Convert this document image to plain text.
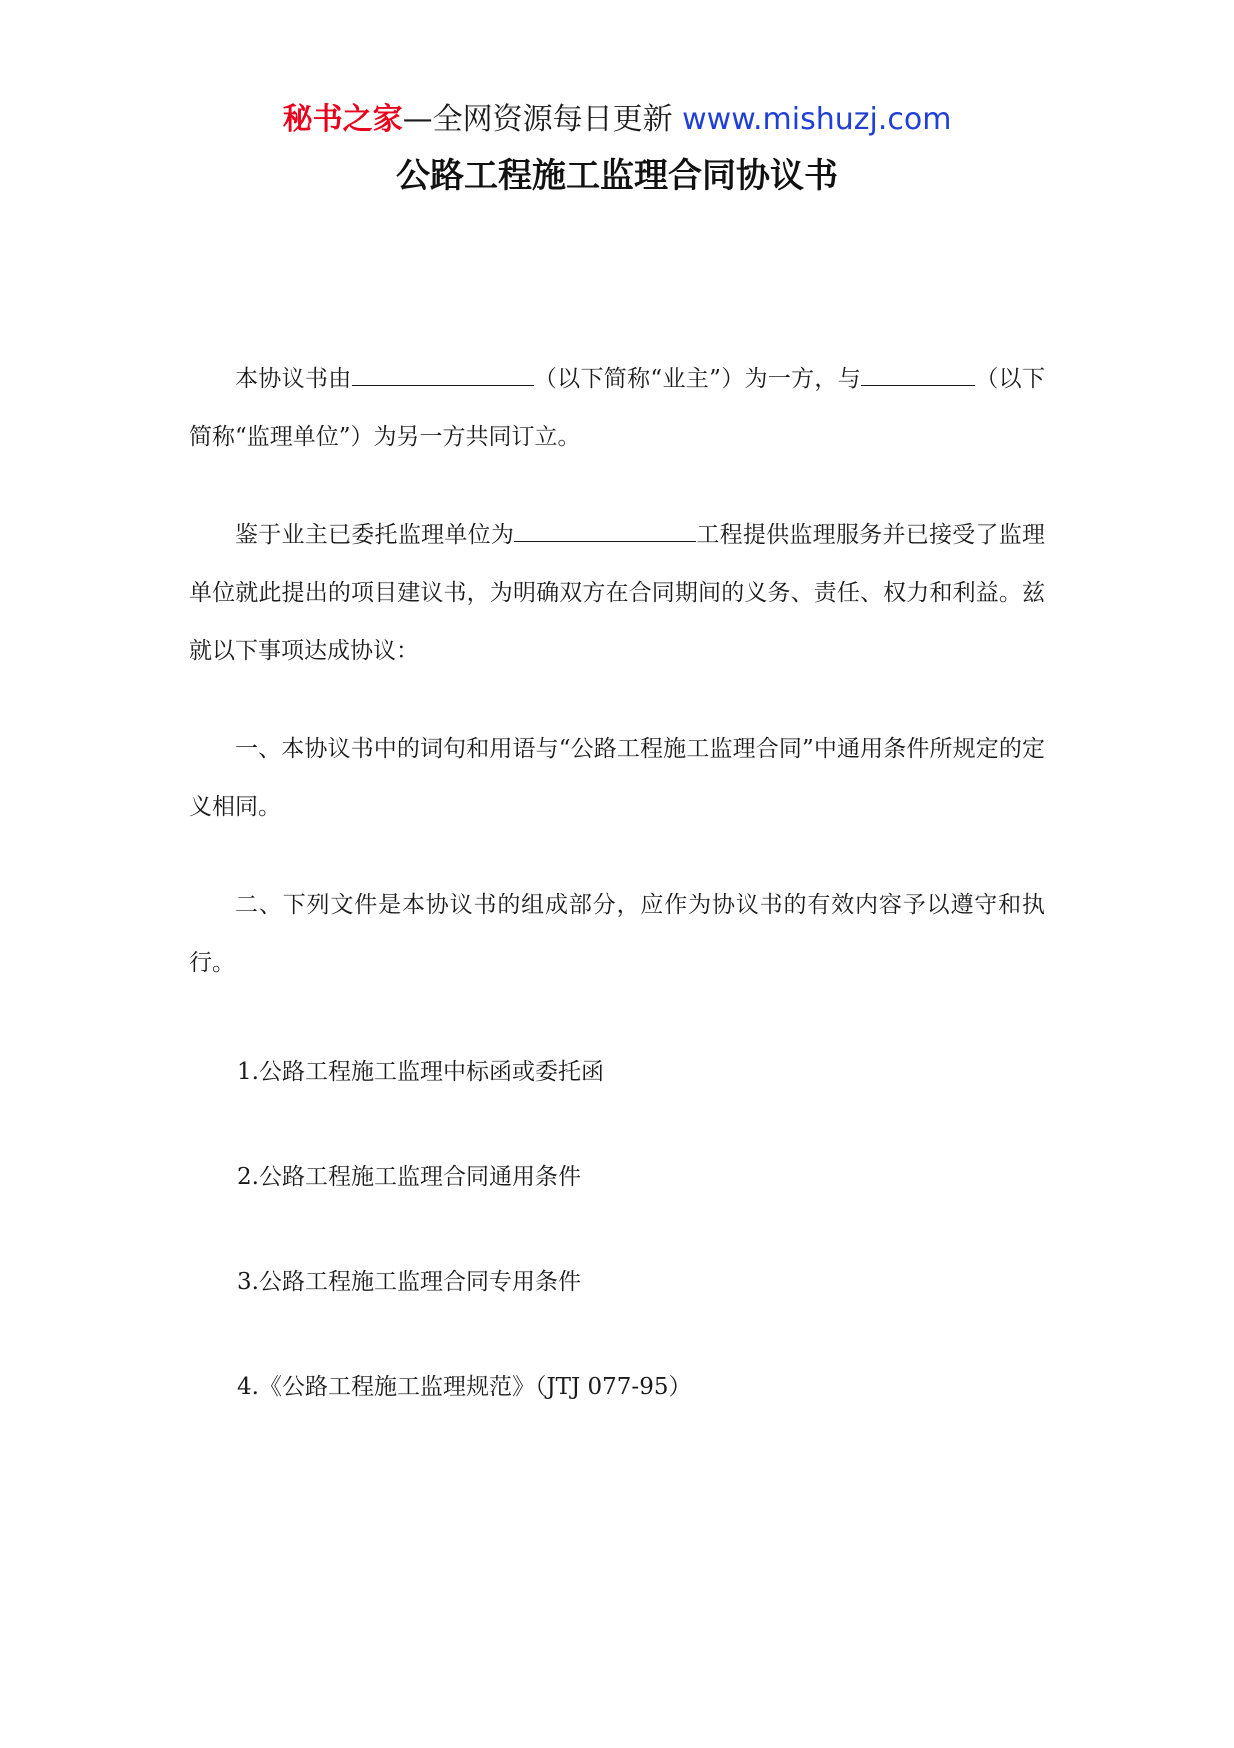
秘书之家—全网资源每日更新 www.mishuzj.com
公路工程施工监理合同协议书

本协议书由	（以下简称“业主”）为一方，与	（以下简称“监理单位”）为另一方共同订立。

鉴于业主已委托监理单位为	工程提供监理服务并已接受了监理单位就此提出的项目建议书，为明确双方在合同期间的义务、责任、权力和利益。兹就以下事项达成协议：

一、本协议书中的词句和用语与“公路工程施工监理合同”中通用条件所规定的定义相同。

二、下列文件是本协议书的组成部分，应作为协议书的有效内容予以遵守和执行。

1.公路工程施工监理中标函或委托函
2.公路工程施工监理合同通用条件
3.公路工程施工监理合同专用条件
4.《公路工程施工监理规范》（JTJ 077-95）
